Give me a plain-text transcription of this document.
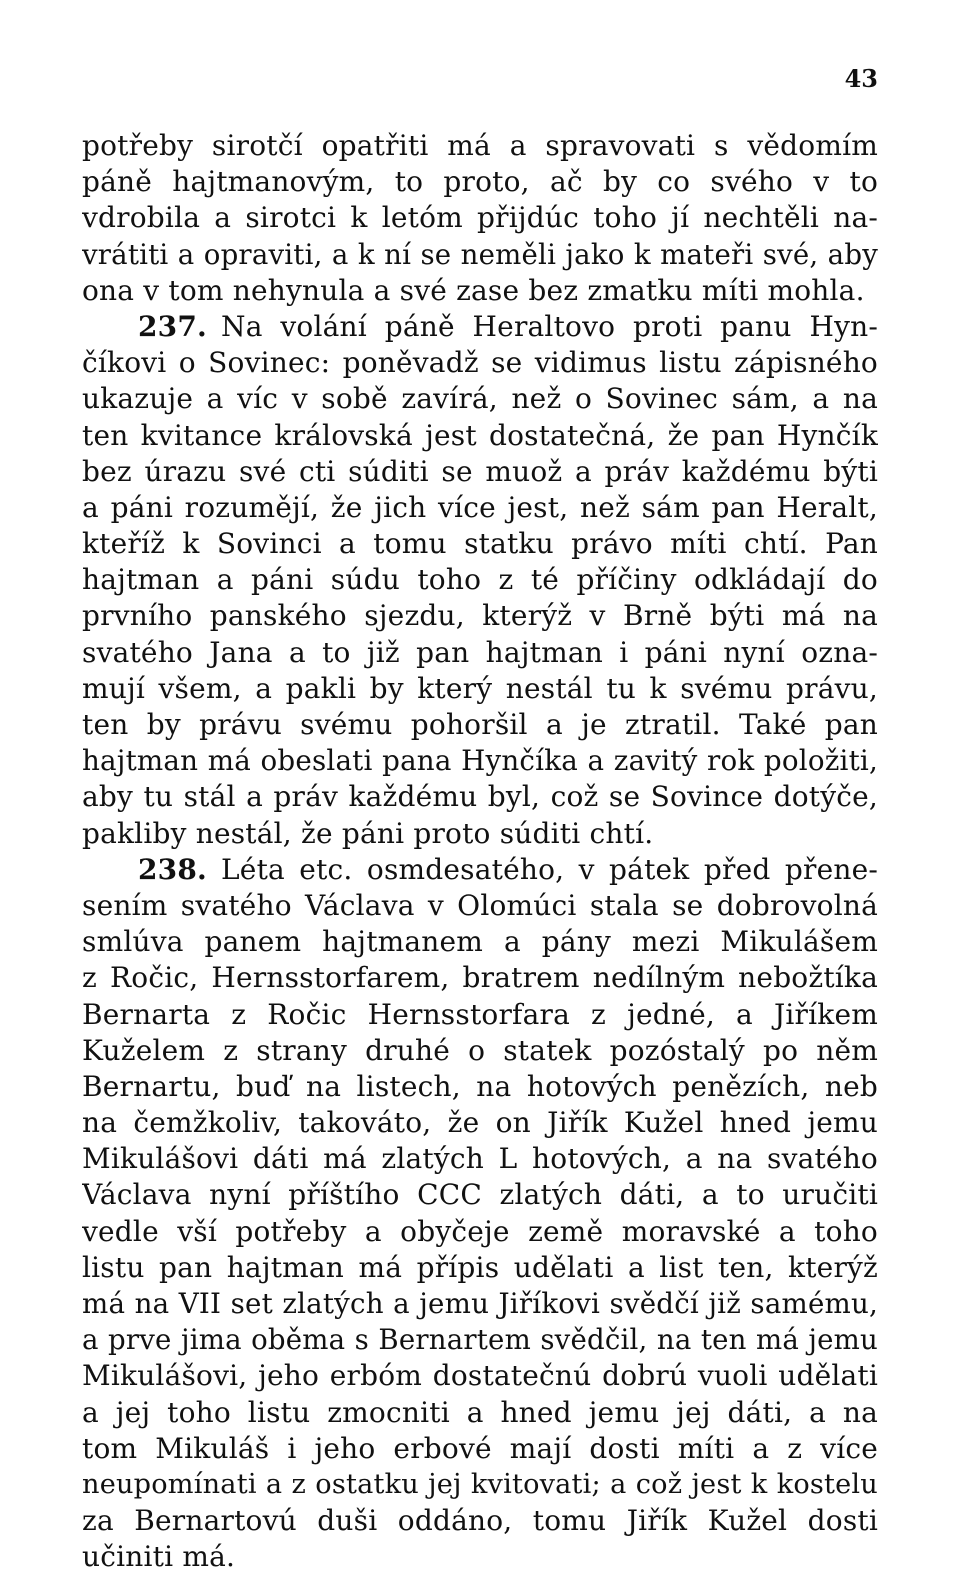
43
potřeby sirotčí opatřiti má a spravovati s vědomím
páně hajtmanovým, to proto, ač by co svého v to
vdrobila a sirotci k letóm přijdúc toho jí nechtěli na-
vrátiti a opraviti, a k ní se neměli jako k mateři své, aby
ona v tom nehynula a své zase bez zmatku míti mohla.
237. Na volání páně Heraltovo proti panu Hyn-
číkovi o Sovinec: poněvadž se vidimus listu zápisného
ukazuje a víc v sobě zavírá, než o Sovinec sám, a na
ten kvitance královská jest dostatečná, že pan Hynčík
bez úrazu své cti súditi se muož a práv každému býti
a páni rozumějí, že jich více jest, než sám pan Heralt,
kteříž k Sovinci a tomu statku právo míti chtí. Pan
hajtman a páni súdu toho z té příčiny odkládají do
prvního panského sjezdu, kterýž v Brně býti má na
svatého Jana a to již pan hajtman i páni nyní ozna-
mují všem, a pakli by který nestál tu k svému právu,
ten by právu svému pohoršil a je ztratil. Také pan
hajtman má obeslati pana Hynčíka a zavitý rok položiti,
aby tu stál a práv každému byl, což se Sovince dotýče,
pakliby nestál, že páni proto súditi chtí.
238. Léta etc. osmdesatého, v pátek před přene-
sením svatého Václava v Olomúci stala se dobrovolná
smlúva panem hajtmanem a pány mezi Mikulášem
z Ročic, Hernsstorfarem, bratrem nedílným nebožtíka
Bernarta z Ročic Hernsstorfara z jedné, a Jiříkem
Kuželem z strany druhé o statek pozóstalý po něm
Bernartu, buď na listech, na hotových penězích, neb
na čemžkoliv, takováto, že on Jiřík Kužel hned jemu
Mikulášovi dáti má zlatých L hotových, a na svatého
Václava nyní příštího CCC zlatých dáti, a to uručiti
vedle vší potřeby a obyčeje země moravské a toho
listu pan hajtman má přípis udělati a list ten, kterýž
má na VII set zlatých a jemu Jiříkovi svědčí již samému,
a prve jima oběma s Bernartem svědčil, na ten má jemu
Mikulášovi, jeho erbóm dostatečnú dobrú vuoli udělati
a jej toho listu zmocniti a hned jemu jej dáti, a na
tom Mikuláš i jeho erbové mají dosti míti a z více
neupomínati a z ostatku jej kvitovati; a což jest k kostelu
za Bernartovú duši oddáno, tomu Jiřík Kužel dosti
učiniti má.
